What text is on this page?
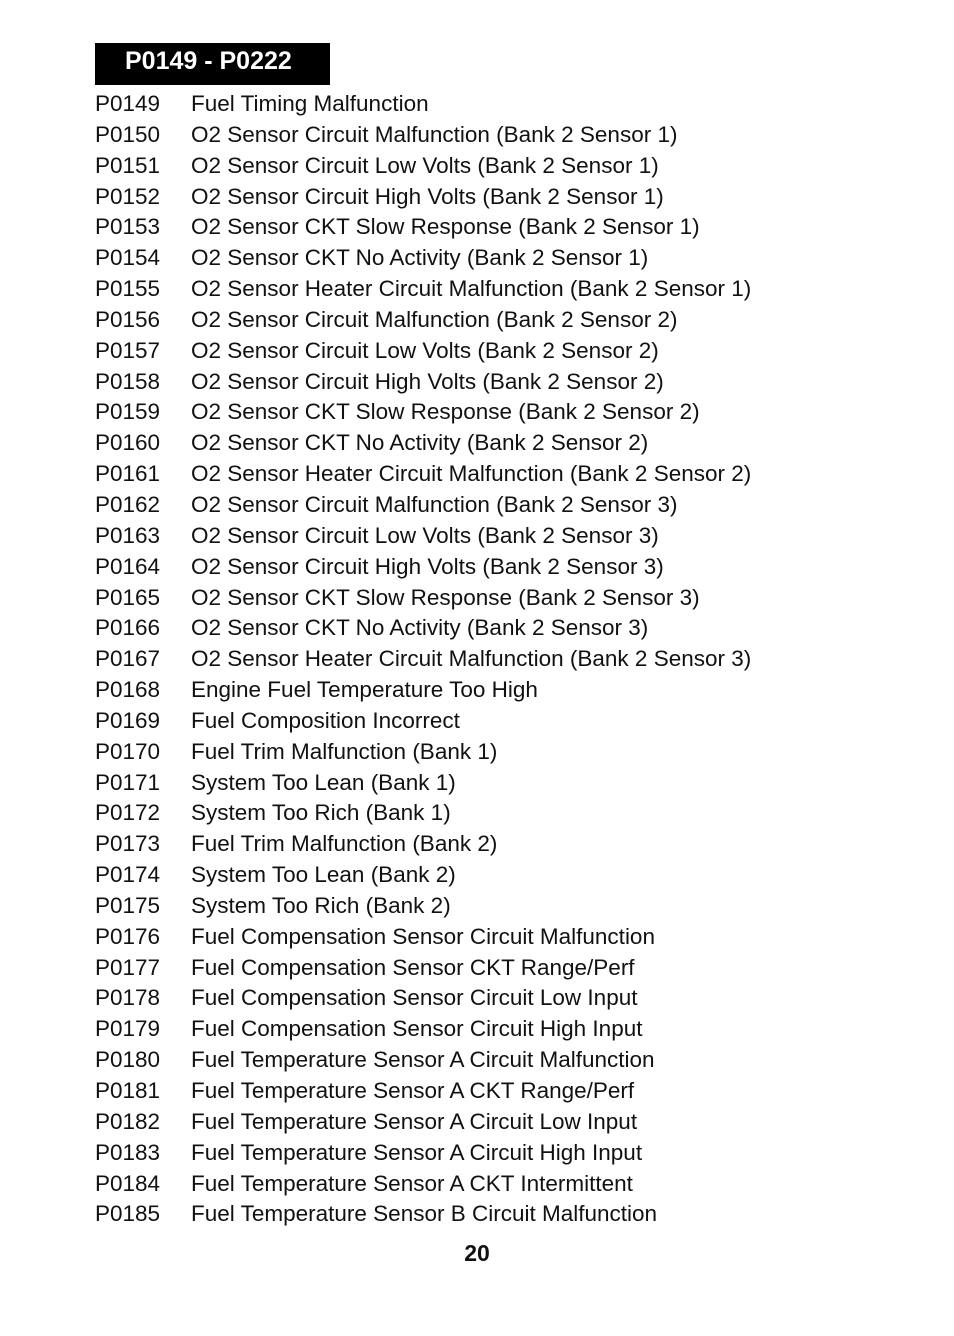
P0149 - P0222
P0149 Fuel Timing Malfunction
P0150 O2 Sensor Circuit Malfunction (Bank 2 Sensor 1)
P0151 O2 Sensor Circuit Low Volts (Bank 2 Sensor 1)
P0152 O2 Sensor Circuit High Volts (Bank 2 Sensor 1)
P0153 O2 Sensor CKT Slow Response (Bank 2 Sensor 1)
P0154 O2 Sensor CKT No Activity (Bank 2 Sensor 1)
P0155 O2 Sensor Heater Circuit Malfunction (Bank 2 Sensor 1)
P0156 O2 Sensor Circuit Malfunction (Bank 2 Sensor 2)
P0157 O2 Sensor Circuit Low Volts (Bank 2 Sensor 2)
P0158 O2 Sensor Circuit High Volts (Bank 2 Sensor 2)
P0159 O2 Sensor CKT Slow Response (Bank 2 Sensor 2)
P0160 O2 Sensor CKT No Activity (Bank 2 Sensor 2)
P0161 O2 Sensor Heater Circuit Malfunction (Bank 2 Sensor 2)
P0162 O2 Sensor Circuit Malfunction (Bank 2 Sensor 3)
P0163 O2 Sensor Circuit Low Volts (Bank 2 Sensor 3)
P0164 O2 Sensor Circuit High Volts (Bank 2 Sensor 3)
P0165 O2 Sensor CKT Slow Response (Bank 2 Sensor 3)
P0166 O2 Sensor CKT No Activity (Bank 2 Sensor 3)
P0167 O2 Sensor Heater Circuit Malfunction (Bank 2 Sensor 3)
P0168 Engine Fuel Temperature Too High
P0169 Fuel Composition Incorrect
P0170 Fuel Trim Malfunction (Bank 1)
P0171 System Too Lean (Bank 1)
P0172 System Too Rich (Bank 1)
P0173 Fuel Trim Malfunction (Bank 2)
P0174 System Too Lean (Bank 2)
P0175 System Too Rich (Bank 2)
P0176 Fuel Compensation Sensor Circuit Malfunction
P0177 Fuel Compensation Sensor CKT Range/Perf
P0178 Fuel Compensation Sensor Circuit Low Input
P0179 Fuel Compensation Sensor Circuit High Input
P0180 Fuel Temperature Sensor A Circuit Malfunction
P0181 Fuel Temperature Sensor A CKT Range/Perf
P0182 Fuel Temperature Sensor A Circuit Low Input
P0183 Fuel Temperature Sensor A Circuit High Input
P0184 Fuel Temperature Sensor A CKT Intermittent
P0185 Fuel Temperature Sensor B Circuit Malfunction
20
